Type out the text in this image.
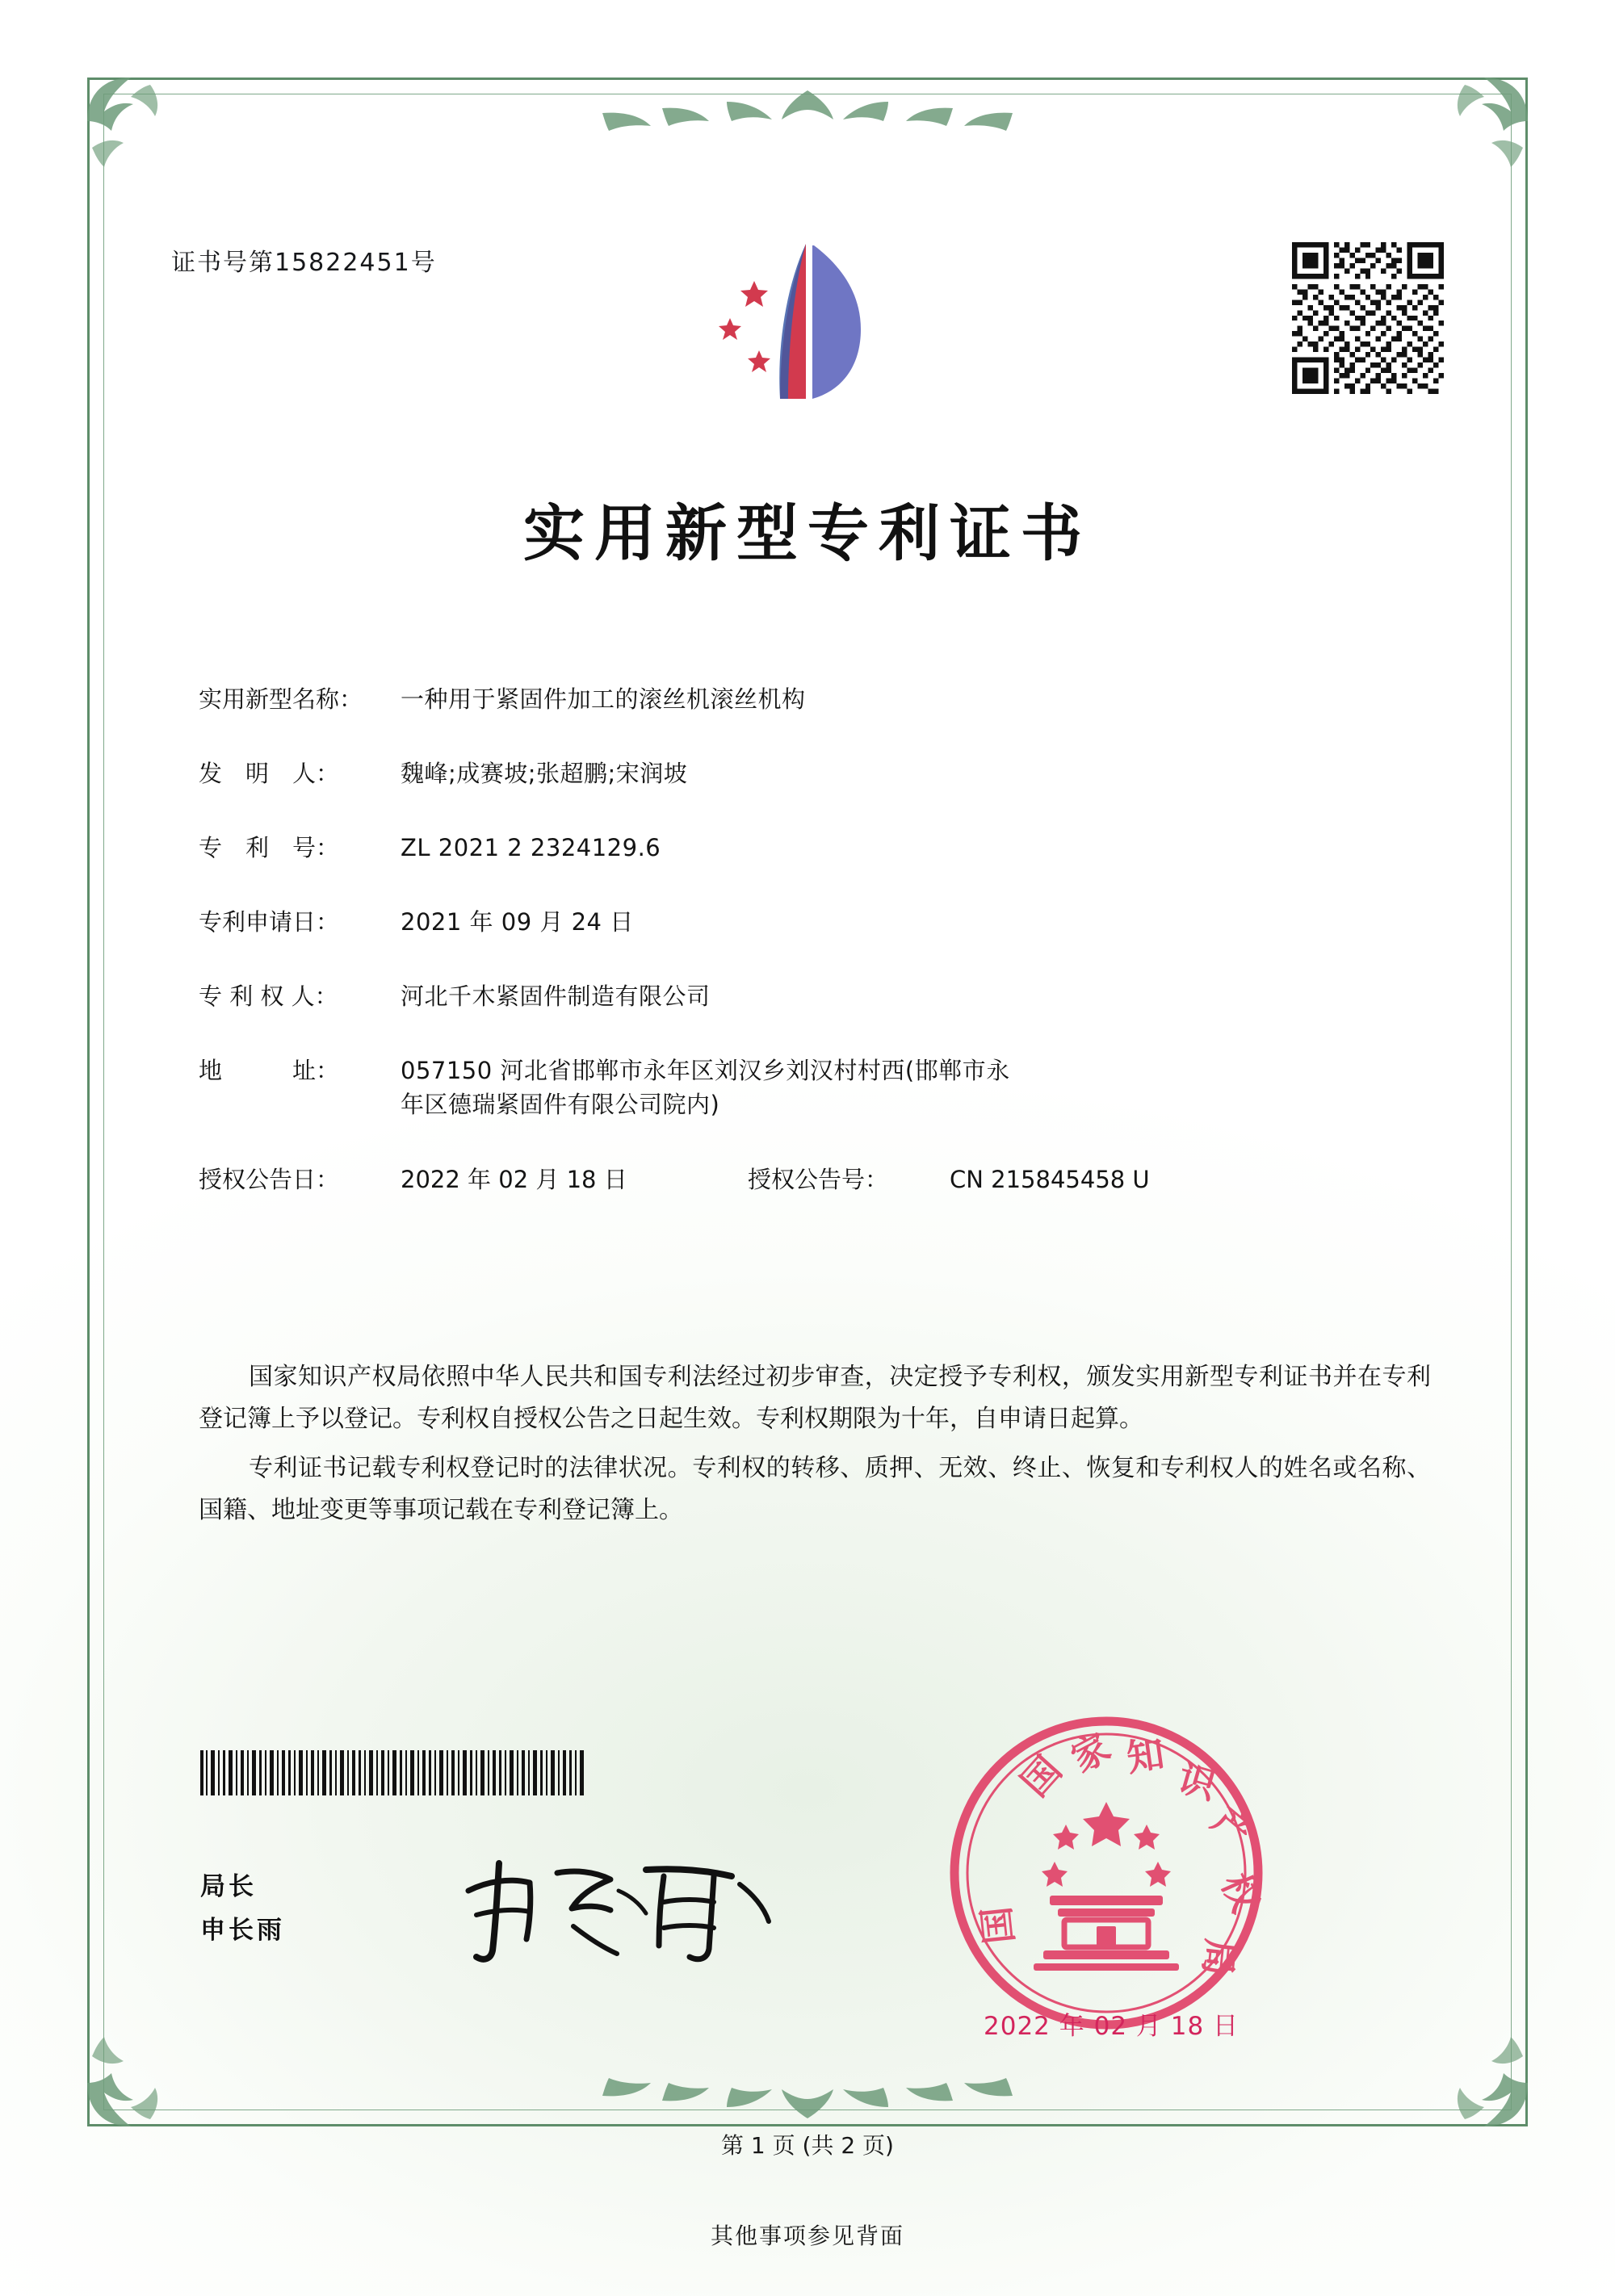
证书号第15822451号
实用新型专利证书
实用新型名称：	一种用于紧固件加工的滚丝机滚丝机构
发　明　人：	魏峰;成赛坡;张超鹏;宋润坡
专　利　号：	ZL 2021 2 2324129.6
专利申请日：	2021 年 09 月 24 日
专 利 权 人：	河北千木紧固件制造有限公司
地　　　址：	057150 河北省邯郸市永年区刘汉乡刘汉村村西(邯郸市永
年区德瑞紧固件有限公司院内)
授权公告日：	2022 年 02 月 18 日	授权公告号：	CN 215845458 U

国家知识产权局依照中华人民共和国专利法经过初步审查，决定授予专利权，颁发实用新型专利证书并在专利登记簿上予以登记。专利权自授权公告之日起生效。专利权期限为十年，自申请日起算。

专利证书记载专利权登记时的法律状况。专利权的转移、质押、无效、终止、恢复和专利权人的姓名或名称、国籍、地址变更等事项记载在专利登记簿上。

局长
申长雨
国
家 知 识
产
权
局
国
2022 年 02 月 18 日
第 1 页 (共 2 页)
其他事项参见背面
